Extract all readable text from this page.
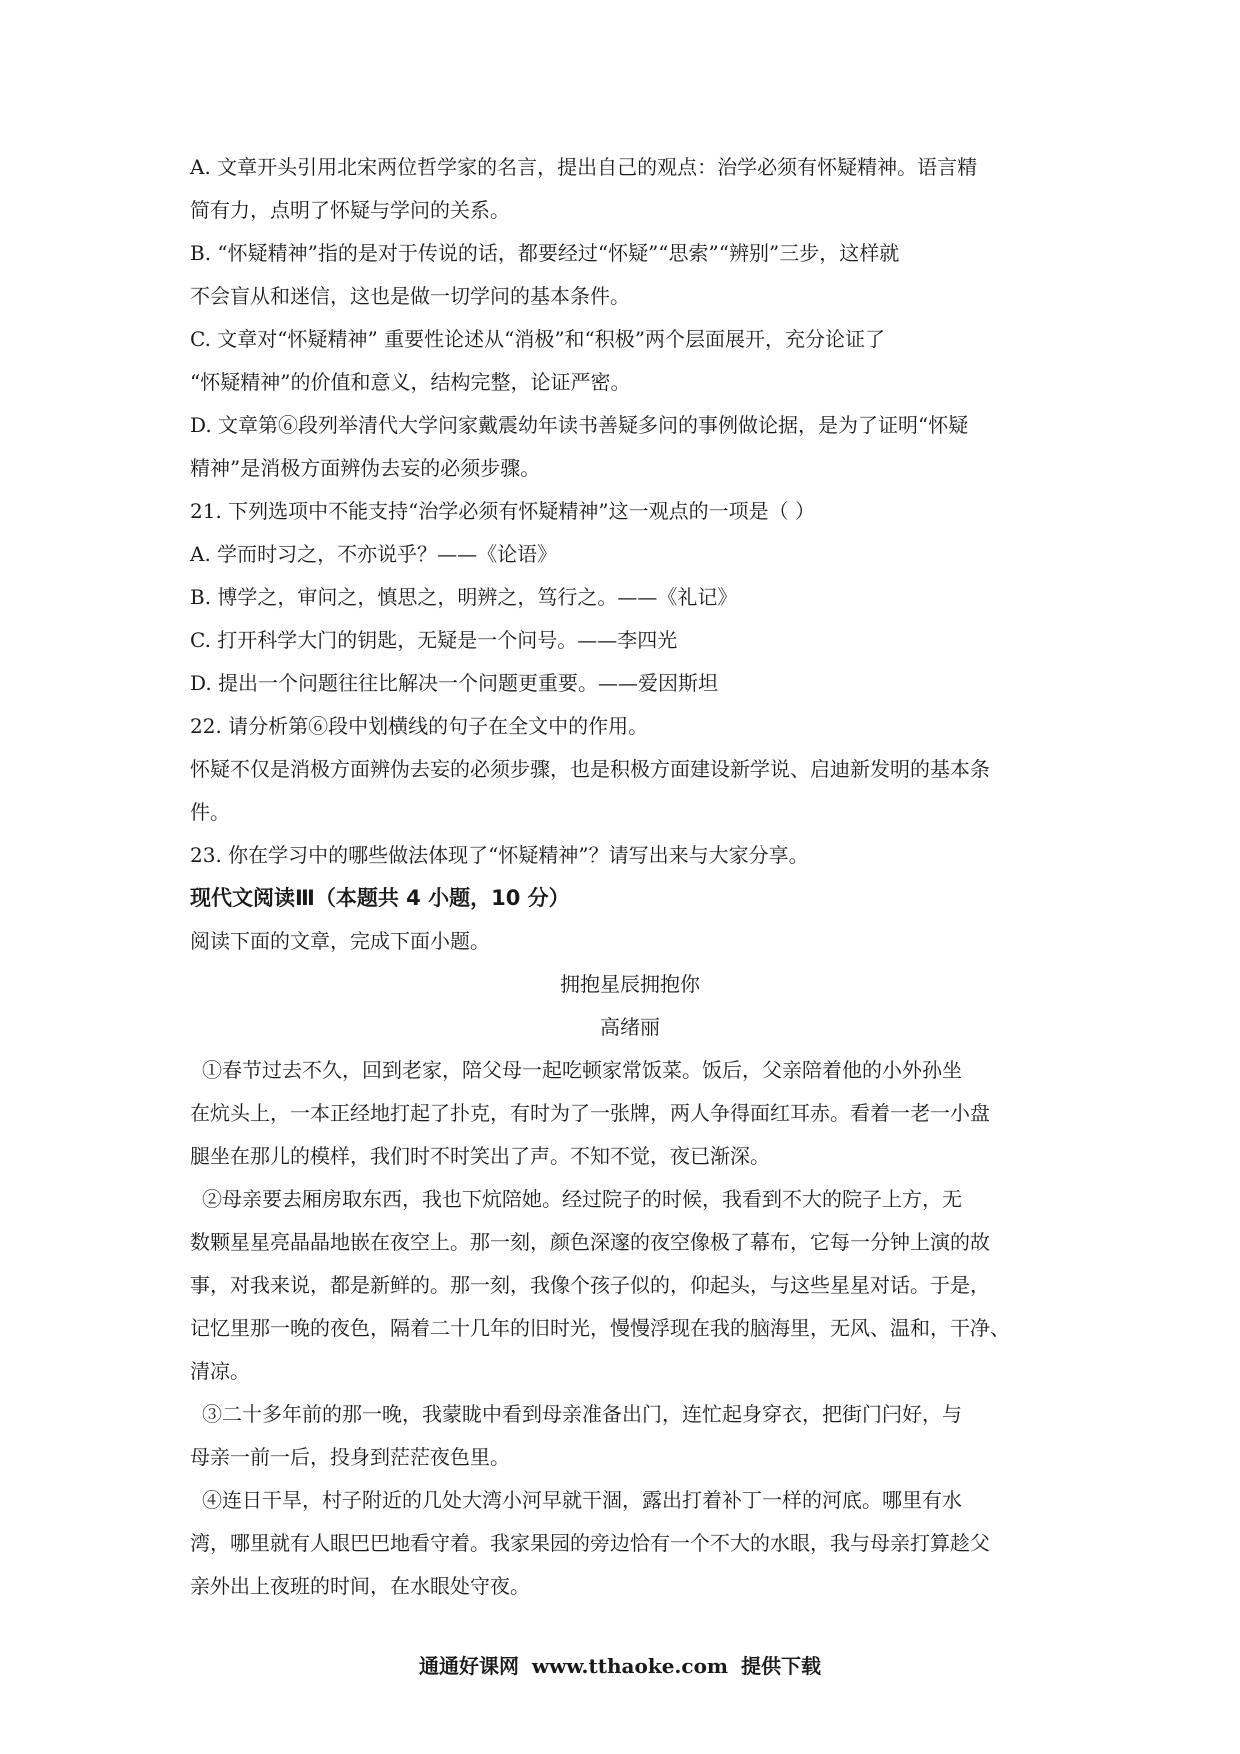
A. 文章开头引用北宋两位哲学家的名言，提出自己的观点：治学必须有怀疑精神。语言精
简有力，点明了怀疑与学问的关系。
B. “怀疑精神”指的是对于传说的话，都要经过“怀疑”“思索”“辨别”三步，这样就
不会盲从和迷信，这也是做一切学问的基本条件。
C. 文章对“怀疑精神” 重要性论述从“消极”和“积极”两个层面展开，充分论证了
“怀疑精神”的价值和意义，结构完整，论证严密。
D. 文章第⑥段列举清代大学问家戴震幼年读书善疑多问的事例做论据，是为了证明“怀疑
精神”是消极方面辨伪去妄的必须步骤。
21. 下列选项中不能支持“治学必须有怀疑精神”这一观点的一项是（ ）
A. 学而时习之，不亦说乎？——《论语》
B. 博学之，审问之，慎思之，明辨之，笃行之。——《礼记》
C. 打开科学大门的钥匙，无疑是一个问号。——李四光
D. 提出一个问题往往比解决一个问题更重要。——爱因斯坦
22. 请分析第⑥段中划横线的句子在全文中的作用。
怀疑不仅是消极方面辨伪去妄的必须步骤，也是积极方面建设新学说、启迪新发明的基本条
件。
23. 你在学习中的哪些做法体现了“怀疑精神”？请写出来与大家分享。
现代文阅读Ⅲ（本题共 4 小题，10 分）
阅读下面的文章，完成下面小题。
拥抱星辰拥抱你
高绪丽
①春节过去不久，回到老家，陪父母一起吃顿家常饭菜。饭后，父亲陪着他的小外孙坐
在炕头上，一本正经地打起了扑克，有时为了一张牌，两人争得面红耳赤。看着一老一小盘
腿坐在那儿的模样，我们时不时笑出了声。不知不觉，夜已渐深。
②母亲要去厢房取东西，我也下炕陪她。经过院子的时候，我看到不大的院子上方，无
数颗星星亮晶晶地嵌在夜空上。那一刻，颜色深邃的夜空像极了幕布，它每一分钟上演的故
事，对我来说，都是新鲜的。那一刻，我像个孩子似的，仰起头，与这些星星对话。于是，
记忆里那一晚的夜色，隔着二十几年的旧时光，慢慢浮现在我的脑海里，无风、温和，干净、
清凉。
③二十多年前的那一晚，我蒙眬中看到母亲准备出门，连忙起身穿衣，把街门闩好，与
母亲一前一后，投身到茫茫夜色里。
④连日干旱，村子附近的几处大湾小河早就干涸，露出打着补丁一样的河底。哪里有水
湾，哪里就有人眼巴巴地看守着。我家果园的旁边恰有一个不大的水眼，我与母亲打算趁父
亲外出上夜班的时间，在水眼处守夜。
通通好课网 www.tthaoke.com 提供下载
